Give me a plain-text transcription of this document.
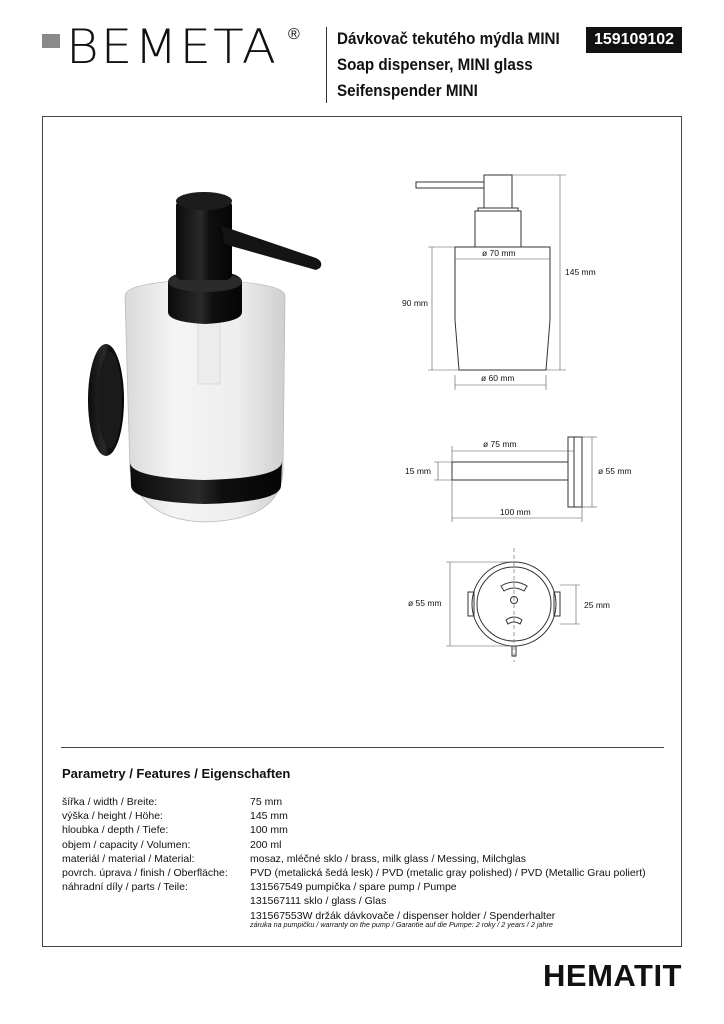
BEMETA ® Dávkovač tekutého mýdla MINI
Soap dispenser, MINI glass
Seifenspender MINI
159109102
ø 70 mm
ø 60 mm
145 mm
90 mm
ø 75 mm
ø 55 mm
15 mm
100 mm
ø 55 mm	25 mm
Parametry / Features / Eigenschaften
šířka / width / Breite:	75 mm
výška / height / Höhe:	145 mm
hloubka / depth / Tiefe:	100 mm
objem / capacity / Volumen:	200 ml
materiál / material / Material:	mosaz, mléčné sklo / brass, milk glass / Messing, Milchglas
povrch. úprava / finish / Oberfläche:	PVD (metalická šedá lesk) / PVD (metalic gray polished) / PVD (Metallic Grau poliert)
náhradní díly / parts / Teile:	131567549 pumpička / spare pump / Pumpe
131567111 sklo / glass / Glas
131567553W držák dávkovače / dispenser holder / Spenderhalter
záruka na pumpičku / warranty on the pump / Garantie auf die Pumpe: 2 roky / 2 years / 2 jahre
HEMATIT
